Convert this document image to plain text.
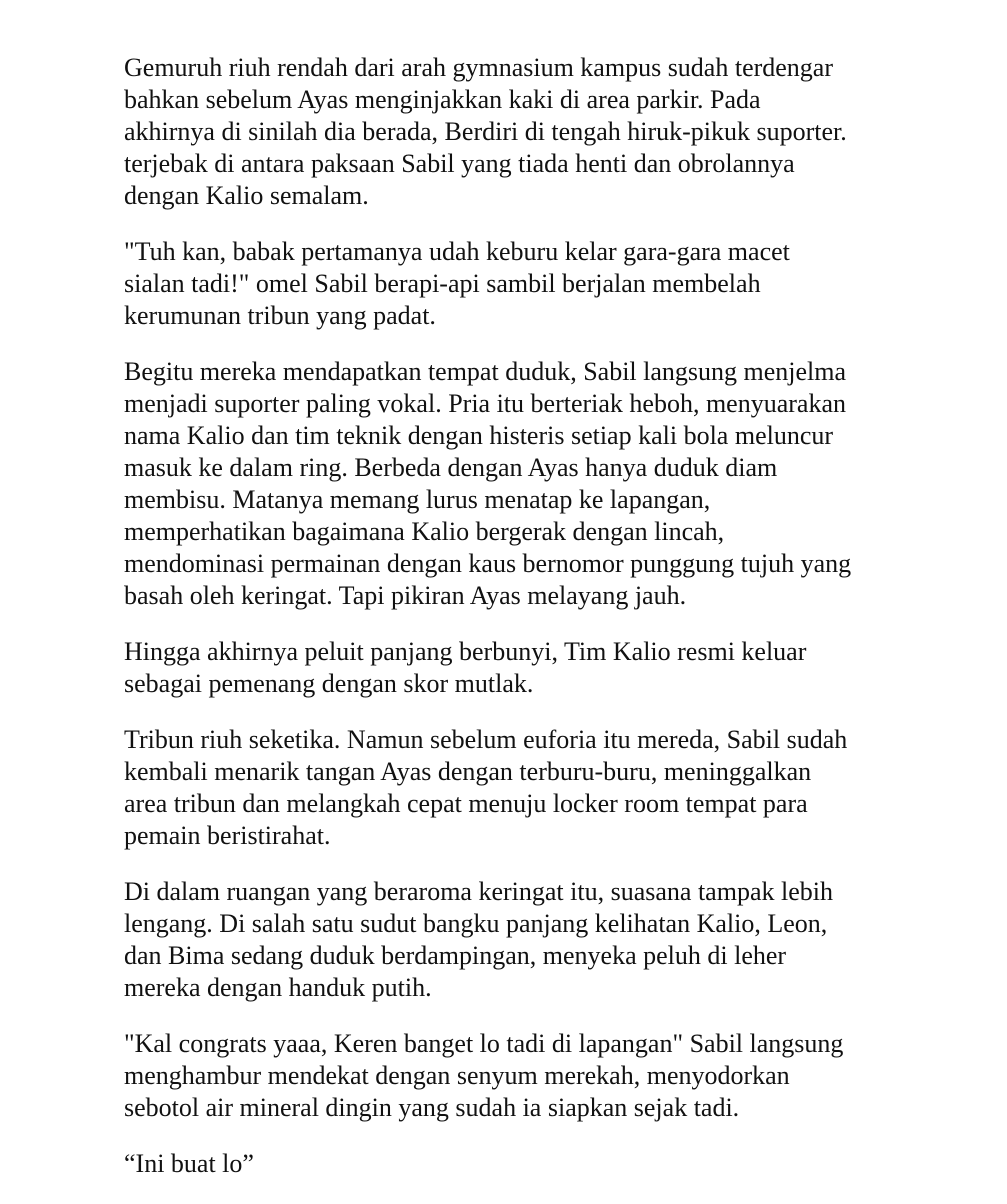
Gemuruh riuh rendah dari arah gymnasium kampus sudah terdengar
bahkan sebelum Ayas menginjakkan kaki di area parkir. Pada
akhirnya di sinilah dia berada, Berdiri di tengah hiruk-pikuk suporter.
terjebak di antara paksaan Sabil yang tiada henti dan obrolannya
dengan Kalio semalam.

"Tuh kan, babak pertamanya udah keburu kelar gara-gara macet
sialan tadi!" omel Sabil berapi-api sambil berjalan membelah
kerumunan tribun yang padat.

Begitu mereka mendapatkan tempat duduk, Sabil langsung menjelma
menjadi suporter paling vokal. Pria itu berteriak heboh, menyuarakan
nama Kalio dan tim teknik dengan histeris setiap kali bola meluncur
masuk ke dalam ring. Berbeda dengan Ayas hanya duduk diam
membisu. Matanya memang lurus menatap ke lapangan,
memperhatikan bagaimana Kalio bergerak dengan lincah,
mendominasi permainan dengan kaus bernomor punggung tujuh yang
basah oleh keringat. Tapi pikiran Ayas melayang jauh.

Hingga akhirnya peluit panjang berbunyi, Tim Kalio resmi keluar
sebagai pemenang dengan skor mutlak.

Tribun riuh seketika. Namun sebelum euforia itu mereda, Sabil sudah
kembali menarik tangan Ayas dengan terburu-buru, meninggalkan
area tribun dan melangkah cepat menuju locker room tempat para
pemain beristirahat.

Di dalam ruangan yang beraroma keringat itu, suasana tampak lebih
lengang. Di salah satu sudut bangku panjang kelihatan Kalio, Leon,
dan Bima sedang duduk berdampingan, menyeka peluh di leher
mereka dengan handuk putih.

"Kal congrats yaaa, Keren banget lo tadi di lapangan" Sabil langsung
menghambur mendekat dengan senyum merekah, menyodorkan
sebotol air mineral dingin yang sudah ia siapkan sejak tadi.

“Ini buat lo”
